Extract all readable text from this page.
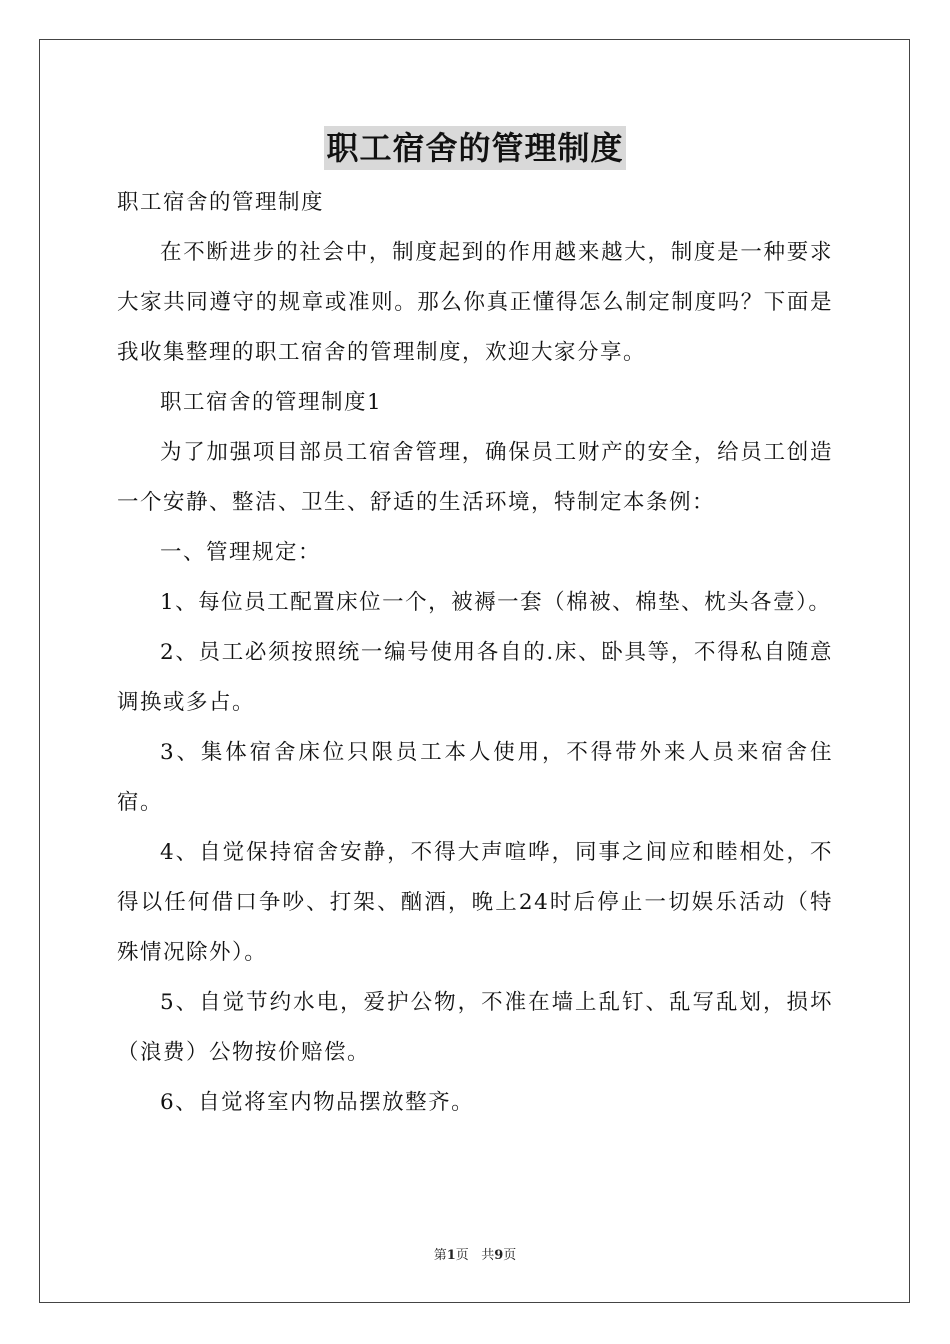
职工宿舍的管理制度

职工宿舍的管理制度

在不断进步的社会中，制度起到的作用越来越大，制度是一种要求大家共同遵守的规章或准则。那么你真正懂得怎么制定制度吗？下面是我收集整理的职工宿舍的管理制度，欢迎大家分享。

职工宿舍的管理制度1

为了加强项目部员工宿舍管理，确保员工财产的安全，给员工创造一个安静、整洁、卫生、舒适的生活环境，特制定本条例：

一、管理规定：

1、每位员工配置床位一个，被褥一套（棉被、棉垫、枕头各壹）。

2、员工必须按照统一编号使用各自的.床、卧具等，不得私自随意调换或多占。

3、集体宿舍床位只限员工本人使用，不得带外来人员来宿舍住宿。

4、自觉保持宿舍安静，不得大声喧哗，同事之间应和睦相处，不得以任何借口争吵、打架、酗酒，晚上24时后停止一切娱乐活动（特殊情况除外）。

5、自觉节约水电，爱护公物，不准在墙上乱钉、乱写乱划，损坏（浪费）公物按价赔偿。

6、自觉将室内物品摆放整齐。

第1页 共9页
